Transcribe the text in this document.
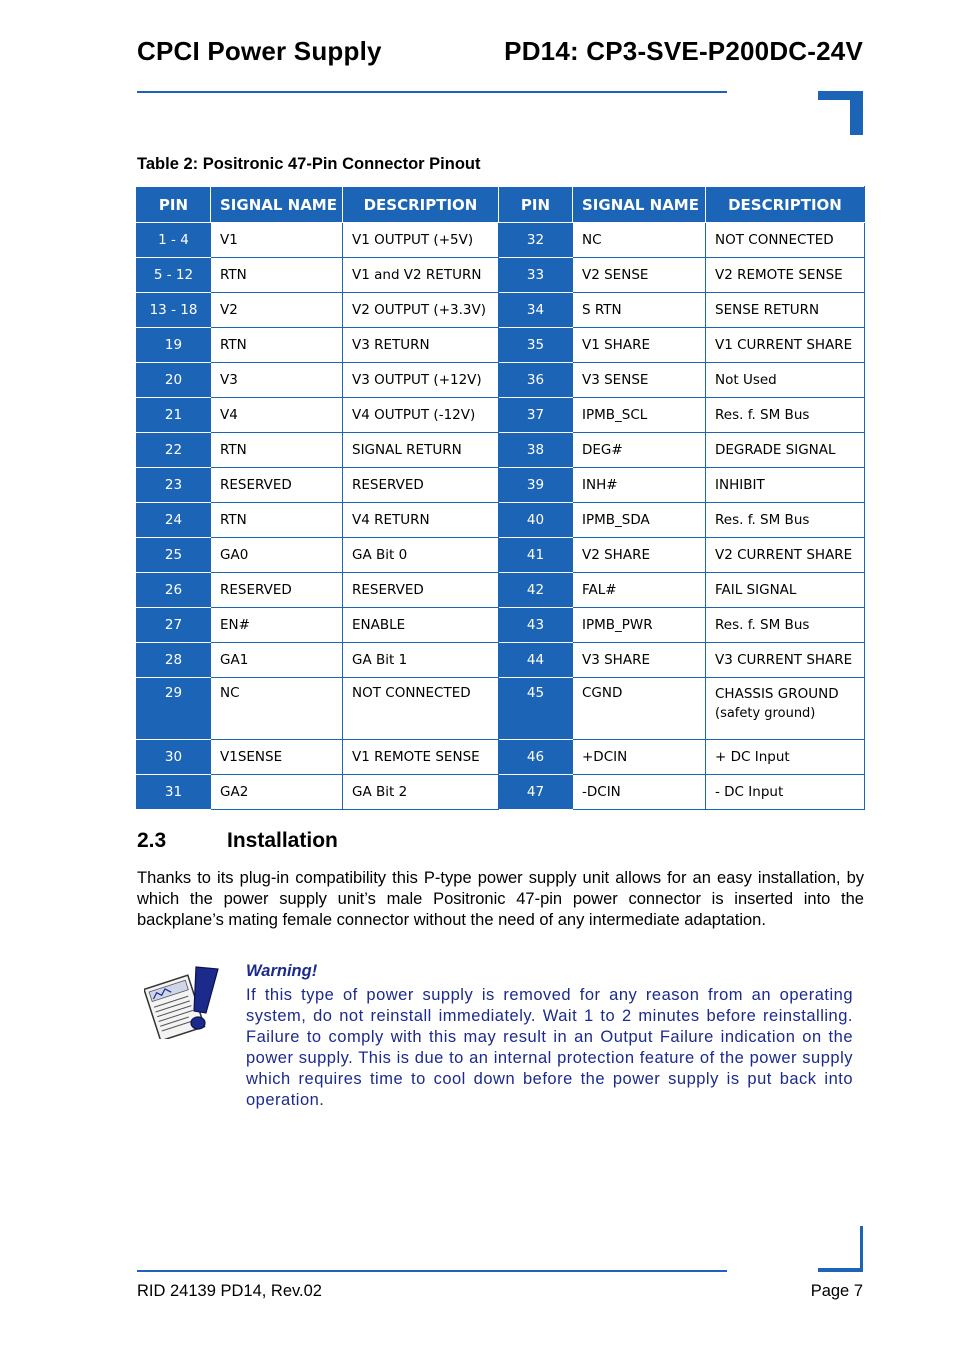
CPCI Power Supply	PD14: CP3-SVE-P200DC-24V
Table 2: Positronic 47-Pin Connector Pinout
PIN	SIGNAL NAME	DESCRIPTION	PIN	SIGNAL NAME	DESCRIPTION
1 - 4	V1	V1 OUTPUT (+5V)	32	NC	NOT CONNECTED
5 - 12	RTN	V1 and V2 RETURN	33	V2 SENSE	V2 REMOTE SENSE
13 - 18	V2	V2 OUTPUT (+3.3V)	34	S RTN	SENSE RETURN
19	RTN	V3 RETURN	35	V1 SHARE	V1 CURRENT SHARE
20	V3	V3 OUTPUT (+12V)	36	V3 SENSE	Not Used
21	V4	V4 OUTPUT (-12V)	37	IPMB_SCL	Res. f. SM Bus
22	RTN	SIGNAL RETURN	38	DEG#	DEGRADE SIGNAL
23	RESERVED	RESERVED	39	INH#	INHIBIT
24	RTN	V4 RETURN	40	IPMB_SDA	Res. f. SM Bus
25	GA0	GA Bit 0	41	V2 SHARE	V2 CURRENT SHARE
26	RESERVED	RESERVED	42	FAL#	FAIL SIGNAL
27	EN#	ENABLE	43	IPMB_PWR	Res. f. SM Bus
28	GA1	GA Bit 1	44	V3 SHARE	V3 CURRENT SHARE
29	NC	NOT CONNECTED	45	CGND	CHASSIS GROUND
(safety ground)

30	V1SENSE	V1 REMOTE SENSE	46	+DCIN	+ DC Input
31	GA2	GA Bit 2	47	-DCIN	- DC Input
2.3	Installation
Thanks to its plug-in compatibility this P-type power supply unit allows for an easy installation, by which the power supply unit’s male Positronic 47-pin power connector is inserted into the backplane’s mating female connector without the need of any intermediate adaptation.
Warning!
If this type of power supply is removed for any reason from an operating system, do not reinstall immediately. Wait 1 to 2 minutes before reinstalling. Failure to comply with this may result in an Output Failure indication on the power supply. This is due to an internal protection feature of the power supply which requires time to cool down before the power supply is put back into operation.
RID 24139 PD14, Rev.02	Page 7
